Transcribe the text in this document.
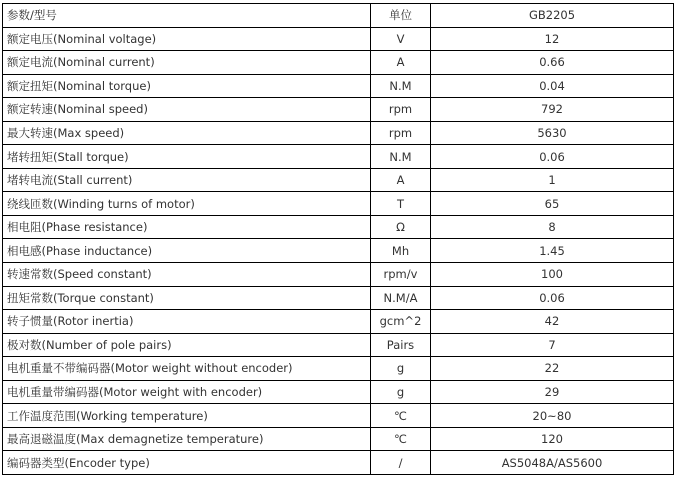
参数/型号	单位	GB2205
额定电压(Nominal voltage)	V	12
额定电流(Nominal current)	A	0.66
额定扭矩(Nominal torque)	N.M	0.04
额定转速(Nominal speed)	rpm	792
最大转速(Max speed)	rpm	5630
堵转扭矩(Stall torque)	N.M	0.06
堵转电流(Stall current)	A	1
绕线匝数(Winding turns of motor)	T	65
相电阻(Phase resistance)	Ω	8
相电感(Phase inductance)	Mh	1.45
转速常数(Speed constant)	rpm/v	100
扭矩常数(Torque constant)	N.M/A	0.06
转子惯量(Rotor inertia)	gcm^2	42
极对数(Number of pole pairs)	Pairs	7
电机重量不带编码器(Motor weight without encoder)	g	22
电机重量带编码器(Motor weight with encoder)	g	29
工作温度范围(Working temperature)	℃	20~80
最高退磁温度(Max demagnetize temperature)	℃	120
编码器类型(Encoder type)	/	AS5048A/AS5600
